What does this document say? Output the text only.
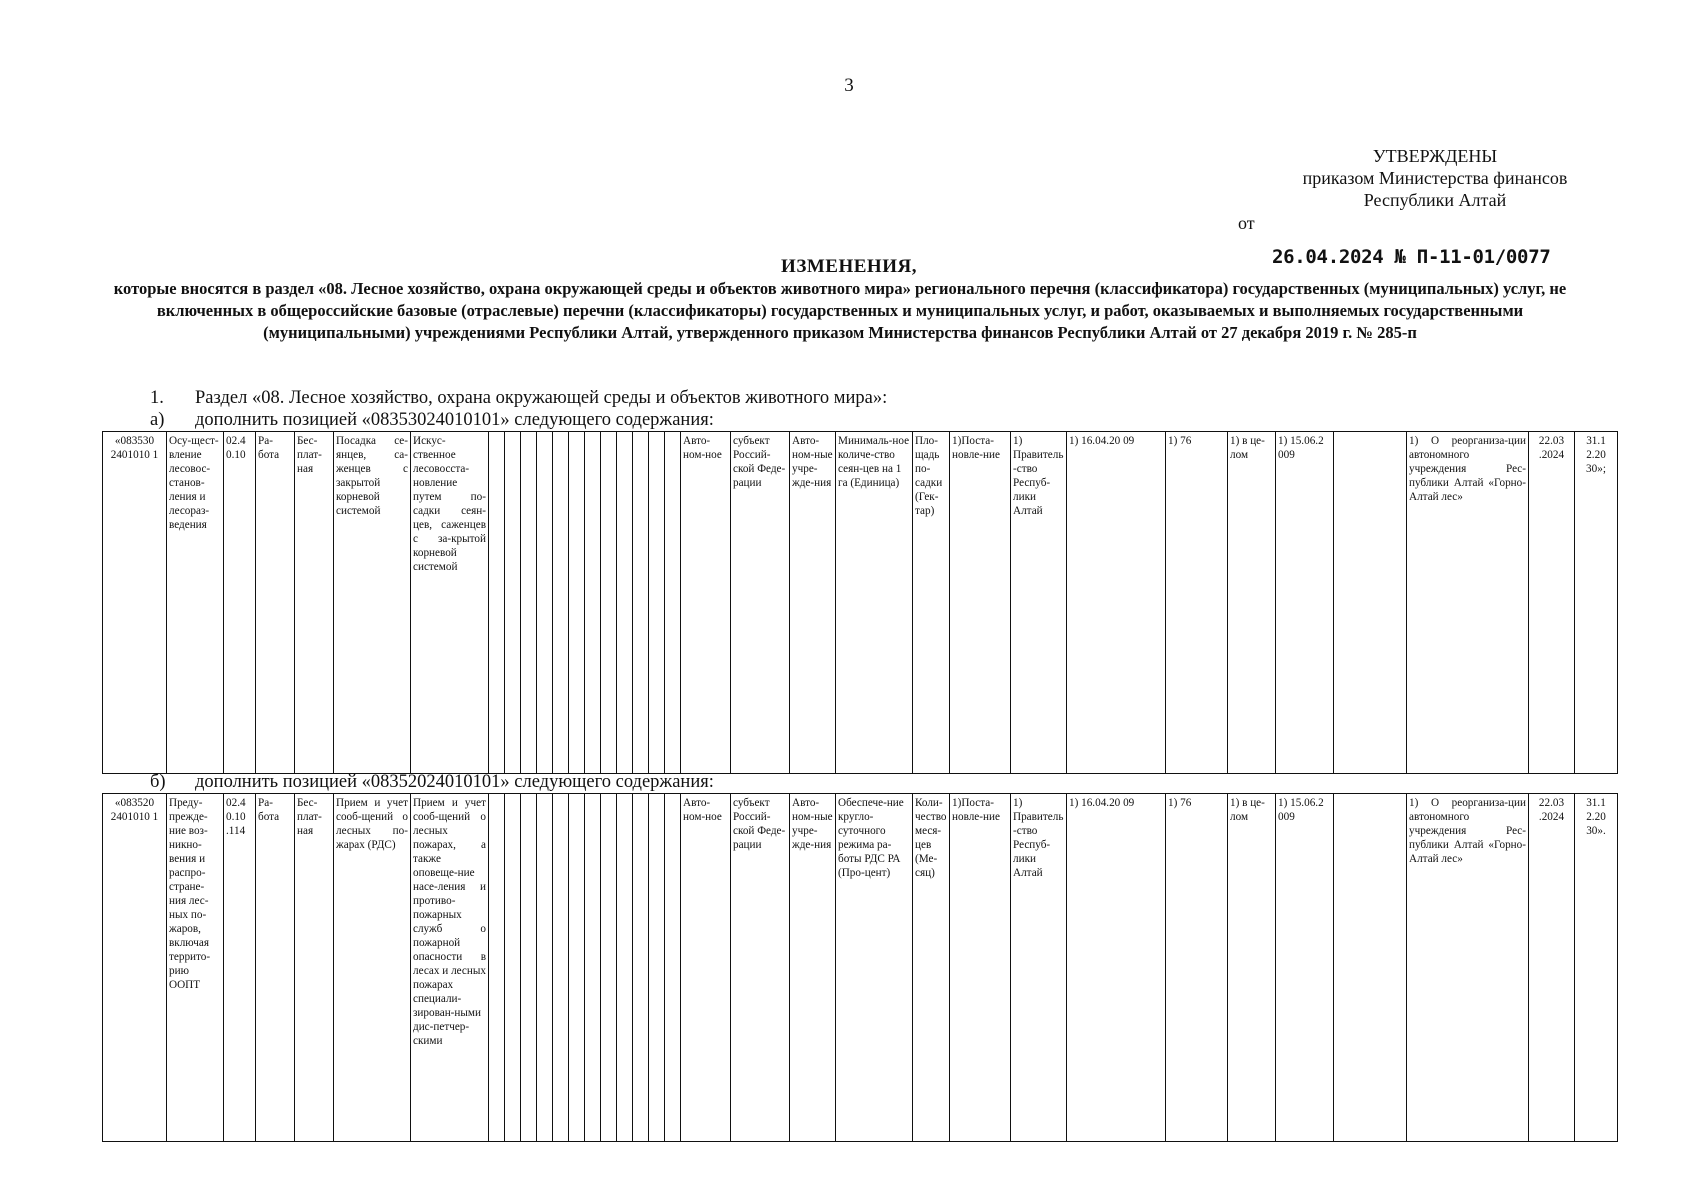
3
УТВЕРЖДЕНЫ
приказом Министерства финансов
Республики Алтай
от
26.04.2024 № П-11-01/0077
ИЗМЕНЕНИЯ,
которые вносятся в раздел «08. Лесное хозяйство, охрана окружающей среды и объектов животного мира» регионального перечня (классификатора) государственных (муниципальных) услуг, не включенных в общероссийские базовые (отраслевые) перечни (классификаторы) государственных и муниципальных услуг, и работ, оказываемых и выполняемых государственными (муниципальными) учреждениями Республики Алтай, утвержденного приказом Министерства финансов Республики Алтай от 27 декабря 2019 г. № 285-п
1. Раздел «08. Лесное хозяйство, охрана окружающей среды и объектов животного мира»:
а) дополнить позицией «08353024010101» следующего содержания:
«083530 2401010 1	Осу-щест-вление лесовос-станов-ления и лесораз-ведения	02.4 0.10	Ра-бота	Бес-плат-ная	Посадка се-янцев, са-женцев с закрытой корневой системой	Искус-ственное лесовосста-новление путем по-садки сеян-цев, саженцев с за-крытой корневой системой													Авто-ном-ное	субъект Россий-ской Феде-рации	Авто-ном-ные учре-жде-ния	Минималь-ное количе-ство сеян-цев на 1 га (Единица)	Пло-щадь по-садки (Гек-тар)	1)Поста-новле-ние	1) Правитель-ство Респуб-лики Алтай	1) 16.04.20 09	1) 76	1) в це-лом	1) 15.06.2 009		1) О реорганиза-ции автономного учреждения Рес-публики Алтай «Горно-Алтай лес»	22.03 .2024	31.1 2.20 30»;
б) дополнить позицией «08352024010101» следующего содержания:
«083520 2401010 1	Преду-прежде-ние воз-никно-вения и распро-стране-ния лес-ных по-жаров, включая террито-рию ООПТ	02.4 0.10 .114	Ра-бота	Бес-плат-ная	Прием и учет сооб-щений о лесных по-жарах (РДС)	Прием и учет сооб-щений о лесных пожарах, а также оповеще-ние насе-ления и противо-пожарных служб о пожарной опасности в лесах и лесных пожарах специали-зирован-ными дис-петчер-скими													Авто-ном-ное	субъект Россий-ской Феде-рации	Авто-ном-ные учре-жде-ния	Обеспече-ние кругло-суточного режима ра-боты РДС РА (Про-цент)	Коли-чество меся-цев (Ме-сяц)	1)Поста-новле-ние	1) Правитель-ство Респуб-лики Алтай	1) 16.04.20 09	1) 76	1) в це-лом	1) 15.06.2 009		1) О реорганиза-ции автономного учреждения Рес-публики Алтай «Горно-Алтай лес»	22.03 .2024	31.1 2.20 30».
